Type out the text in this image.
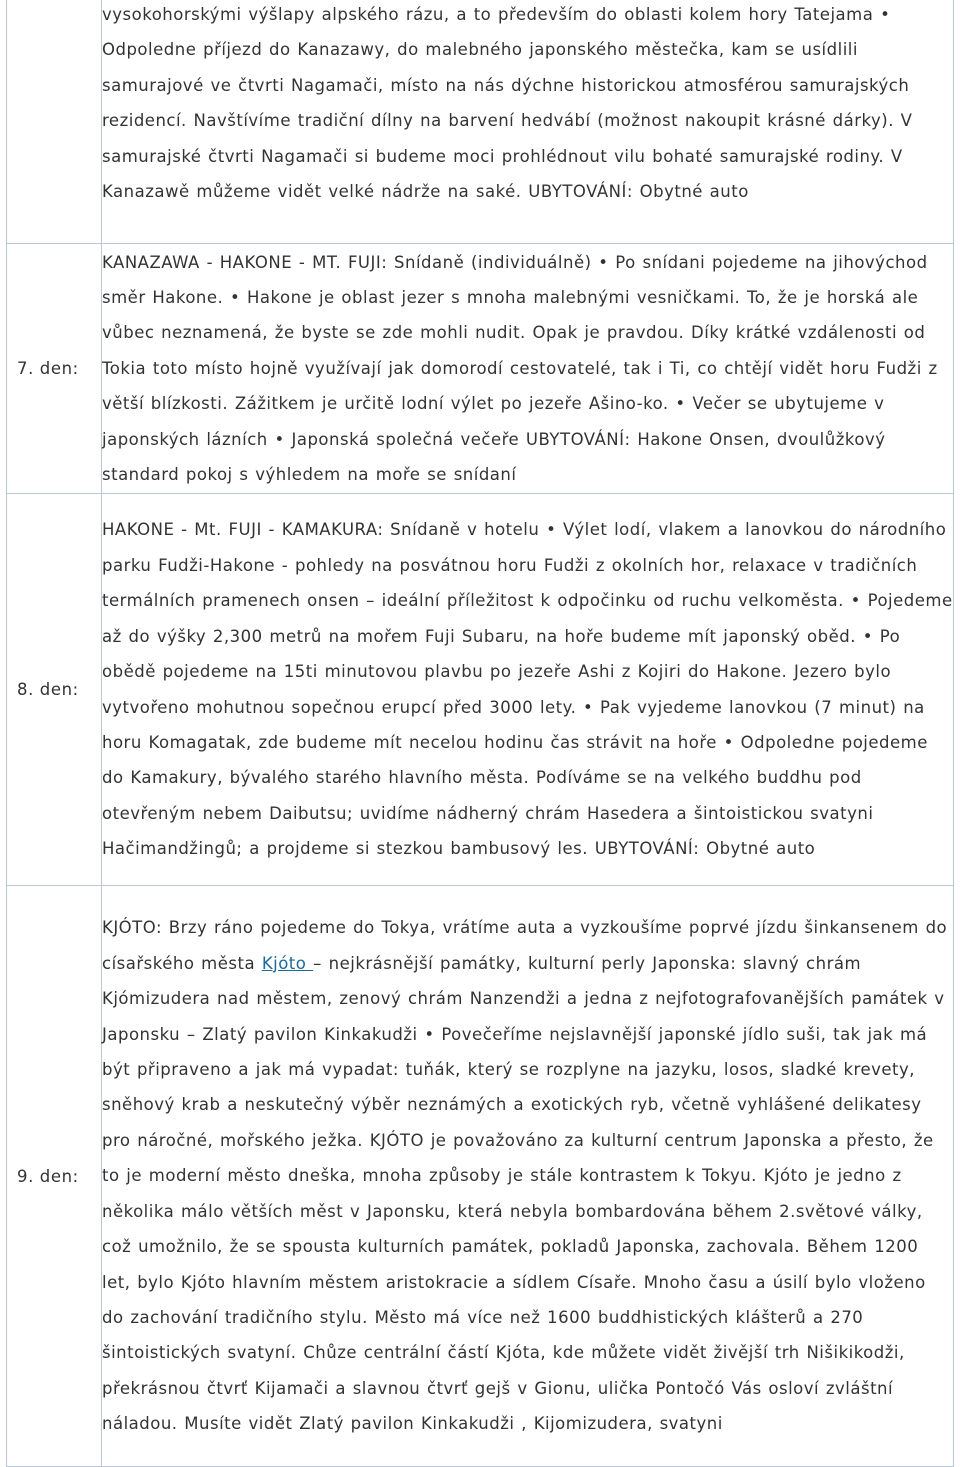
	vysokohorskými výšlapy alpského rázu, a to především do oblasti kolem hory Tatejama • Odpoledne příjezd do Kanazawy, do malebného japonského městečka, kam se usídlili samurajové ve čtvrti Nagamači, místo na nás dýchne historickou atmosférou samurajských rezidencí. Navštívíme tradiční dílny na barvení hedvábí (možnost nakoupit krásné dárky). V samurajské čtvrti Nagamači si budeme moci prohlédnout vilu bohaté samurajské rodiny. V Kanazawě můžeme vidět velké nádrže na saké. UBYTOVÁNÍ: Obytné auto

7. den:	KANAZAWA - HAKONE - MT. FUJI: Snídaně (individuálně) • Po snídani pojedeme na jihovýchod směr Hakone. • Hakone je oblast jezer s mnoha malebnými vesničkami. To, že je horská ale vůbec neznamená, že byste se zde mohli nudit. Opak je pravdou. Díky krátké vzdálenosti od Tokia toto místo hojně využívají jak domorodí cestovatelé, tak i Ti, co chtějí vidět horu Fudži z větší blízkosti. Zážitkem je určitě lodní výlet po jezeře Ašino-ko. • Večer se ubytujeme v japonských lázních • Japonská společná večeře UBYTOVÁNÍ: Hakone Onsen, dvoulůžkový standard pokoj s výhledem na moře se snídaní

8. den:	HAKONE - Mt. FUJI - KAMAKURA: Snídaně v hotelu • Výlet lodí, vlakem a lanovkou do národního parku Fudži-Hakone - pohledy na posvátnou horu Fudži z okolních hor, relaxace v tradičních termálních pramenech onsen – ideální příležitost k odpočinku od ruchu velkoměsta. • Pojedeme až do výšky 2,300 metrů na mořem Fuji Subaru, na hoře budeme mít japonský oběd. • Po obědě pojedeme na 15ti minutovou plavbu po jezeře Ashi z Kojiri do Hakone. Jezero bylo vytvořeno mohutnou sopečnou erupcí před 3000 lety. • Pak vyjedeme lanovkou (7 minut) na horu Komagatak, zde budeme mít necelou hodinu čas strávit na hoře • Odpoledne pojedeme do Kamakury, bývalého starého hlavního města. Podíváme se na velkého buddhu pod otevřeným nebem Daibutsu; uvidíme nádherný chrám Hasedera a šintoistickou svatyni Hačimandžingů; a projdeme si stezkou bambusový les. UBYTOVÁNÍ: Obytné auto

9. den:	KJÓTO: Brzy ráno pojedeme do Tokya, vrátíme auta a vyzkoušíme poprvé jízdu šinkansenem do císařského města Kjóto – nejkrásnější památky, kulturní perly Japonska: slavný chrám Kjómizudera nad městem, zenový chrám Nanzendži a jedna z nejfotografovanějších památek v Japonsku – Zlatý pavilon Kinkakudži • Povečeříme nejslavnější japonské jídlo suši, tak jak má být připraveno a jak má vypadat: tuňák, který se rozplyne na jazyku, losos, sladké krevety, sněhový krab a neskutečný výběr neznámých a exotických ryb, včetně vyhlášené delikatesy pro náročné, mořského ježka. KJÓTO je považováno za kulturní centrum Japonska a přesto, že to je moderní město dneška, mnoha způsoby je stále kontrastem k Tokyu. Kjóto je jedno z několika málo větších měst v Japonsku, která nebyla bombardována během 2.světové války, což umožnilo, že se spousta kulturních památek, pokladů Japonska, zachovala. Během 1200 let, bylo Kjóto hlavním městem aristokracie a sídlem Císaře. Mnoho času a úsilí bylo vloženo do zachování tradičního stylu. Město má více než 1600 buddhistických klášterů a 270 šintoistických svatyní. Chůze centrální částí Kjóta, kde můžete vidět živější trh Nišikikodži, překrásnou čtvrť Kijamači a slavnou čtvrť gejš v Gionu, ulička Pontočó Vás osloví zvláštní náladou. Musíte vidět Zlatý pavilon Kinkakudži , Kijomizudera, svatyni
